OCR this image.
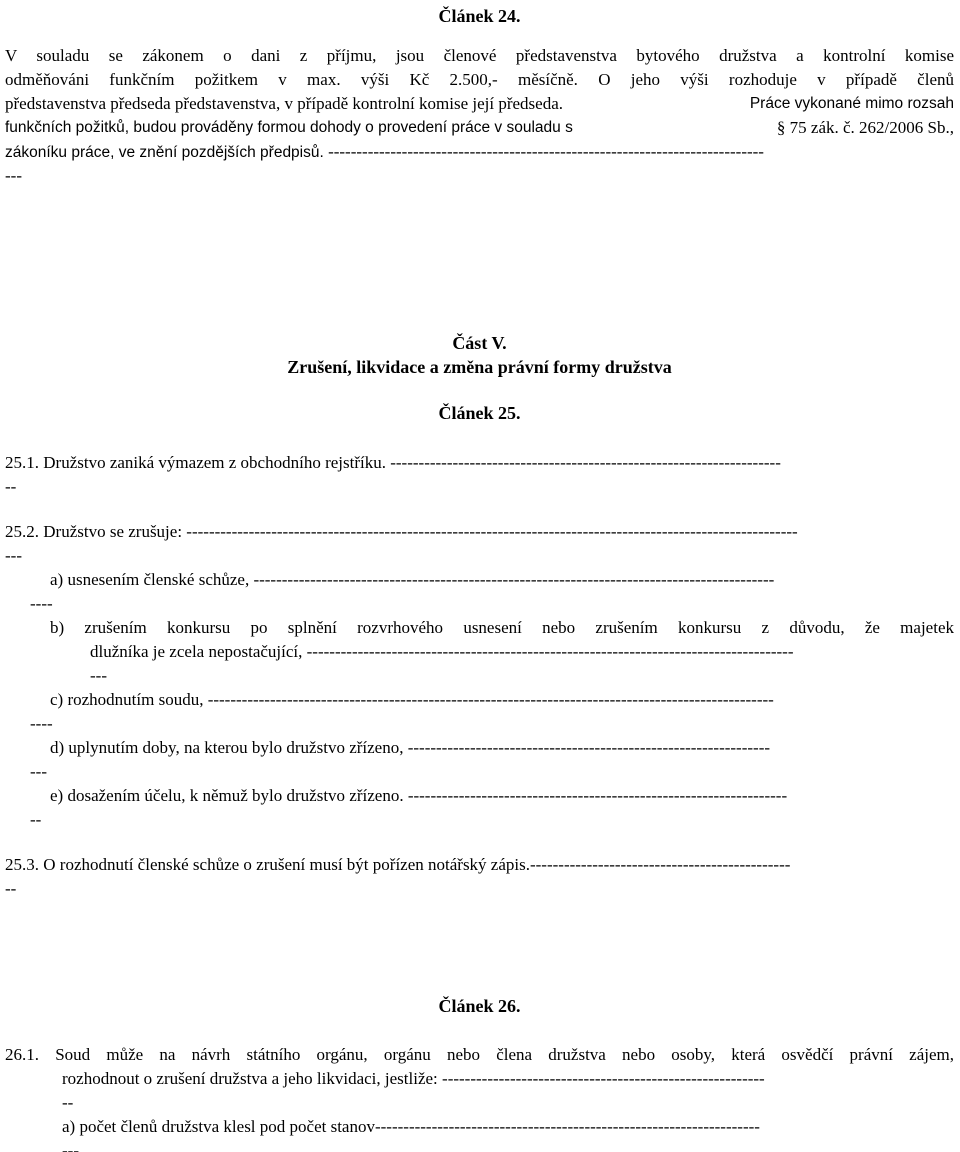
Článek 24.
V souladu se zákonem o dani z příjmu, jsou členové představenstva bytového družstva a kontrolní komise
odměňováni funkčním požitkem v max. výši Kč 2.500,- měsíčně. O jeho výši rozhoduje v případě členů
představenstva předseda představenstva, v případě kontrolní komise její předseda.	Práce vykonané mimo rozsah
funkčních požitků, budou prováděny formou dohody o provedení práce v souladu s	§ 75 zák. č. 262/2006 Sb.,
zákoníku práce, ve znění pozdějších předpisů. -----------------------------------------------------------------------------
---
Část V.
Zrušení, likvidace a změna právní formy družstva
Článek 25.
25.1. Družstvo zaniká výmazem z obchodního rejstříku. ---------------------------------------------------------------------
--
25.2. Družstvo se zrušuje: ------------------------------------------------------------------------------------------------------------
---
a) usnesením členské schůze, --------------------------------------------------------------------------------------------
----
b) zrušením konkursu po splnění rozvrhového usnesení nebo zrušením konkursu z důvodu, že majetek
dlužníka je zcela nepostačující, --------------------------------------------------------------------------------------
---
c) rozhodnutím soudu, ----------------------------------------------------------------------------------------------------
----
d) uplynutím doby, na kterou bylo družstvo zřízeno, ----------------------------------------------------------------
---
e) dosažením účelu, k němuž bylo družstvo zřízeno. -------------------------------------------------------------------
--
25.3. O rozhodnutí členské schůze o zrušení musí být pořízen notářský zápis.----------------------------------------------
--
Článek 26.
26.1. Soud může na návrh státního orgánu, orgánu nebo člena družstva nebo osoby, která osvědčí právní zájem,
rozhodnout o zrušení družstva a jeho likvidaci, jestliže: ---------------------------------------------------------
--
a) počet členů družstva klesl pod počet stanov--------------------------------------------------------------------
---
